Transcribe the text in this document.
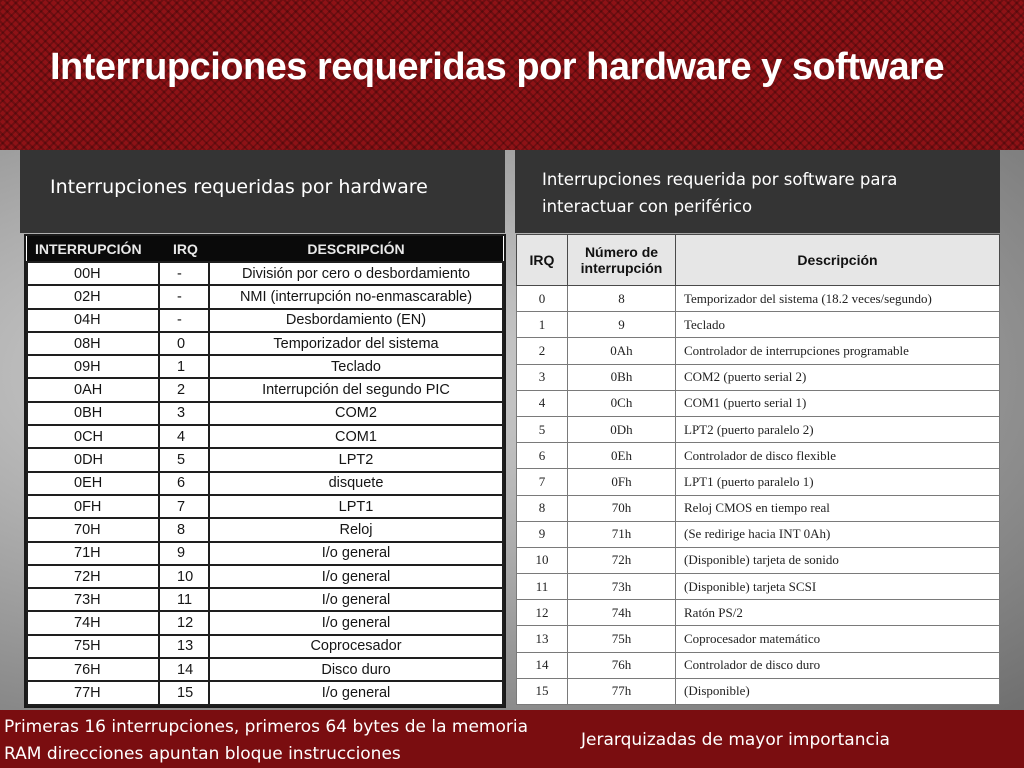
Interrupciones requeridas por hardware y software
Interrupciones requeridas por hardware	Interrupciones requerida por software para interactuar con periférico
INTERRUPCIÓN	IRQ	DESCRIPCIÓN
00H	-	División por cero o desbordamiento
02H	-	NMI (interrupción no-enmascarable)
04H	-	Desbordamiento (EN)
08H	0	Temporizador del sistema
09H	1	Teclado
0AH	2	Interrupción del segundo PIC
0BH	3	COM2
0CH	4	COM1
0DH	5	LPT2
0EH	6	disquete
0FH	7	LPT1
70H	8	Reloj
71H	9	I/o general
72H	10	I/o general
73H	11	I/o general
74H	12	I/o general
75H	13	Coprocesador
76H	14	Disco duro
77H	15	I/o general
IRQ	Número de interrupción	Descripción
0	8	Temporizador del sistema (18.2 veces/segundo)
1	9	Teclado
2	0Ah	Controlador de interrupciones programable
3	0Bh	COM2 (puerto serial 2)
4	0Ch	COM1 (puerto serial 1)
5	0Dh	LPT2 (puerto paralelo 2)
6	0Eh	Controlador de disco flexible
7	0Fh	LPT1 (puerto paralelo 1)
8	70h	Reloj CMOS en tiempo real
9	71h	(Se redirige hacia INT 0Ah)
10	72h	(Disponible) tarjeta de sonido
11	73h	(Disponible) tarjeta SCSI
12	74h	Ratón PS/2
13	75h	Coprocesador matemático
14	76h	Controlador de disco duro
15	77h	(Disponible)

Primeras 16 interrupciones, primeros 64 bytes de la memoria RAM direcciones apuntan bloque instrucciones

Jerarquizadas de mayor importancia
